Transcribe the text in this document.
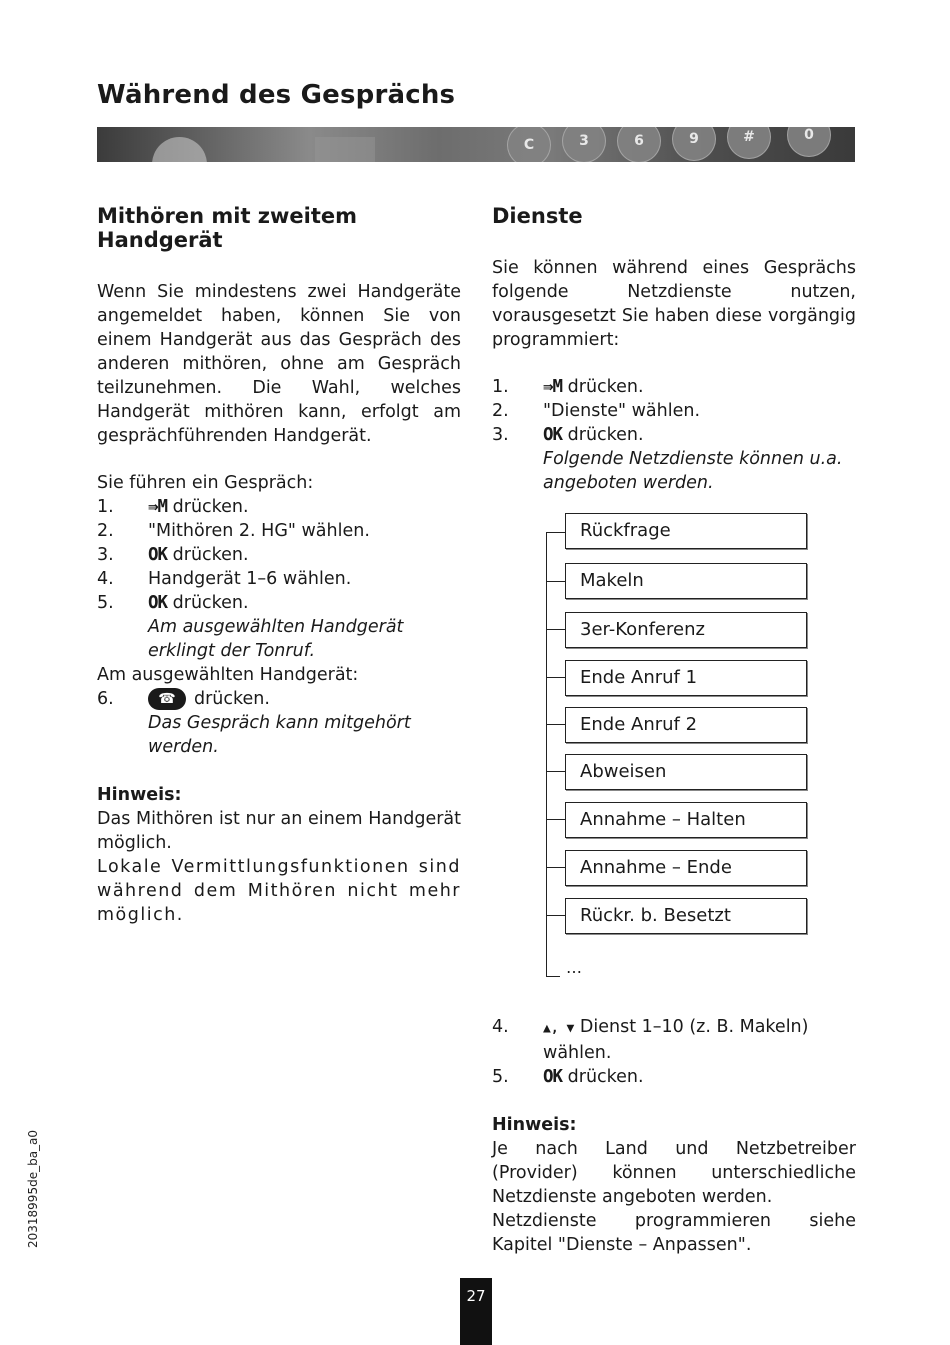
Während des Gesprächs
C	3	6	9	#	0
Mithören mit zweitem
Handgerät

Wenn Sie mindestens zwei Handgeräte angemeldet haben, können Sie von einem Handgerät aus das Gespräch des anderen mithören, ohne am Gespräch teilzunehmen. Die Wahl, welches Handgerät mithören kann, erfolgt am gesprächführenden Handgerät.

Sie führen ein Gespräch:

1. ⇛M drücken.
2. "Mithören 2. HG" wählen.
3. OK drücken.
4. Handgerät 1–6 wählen.
5. OK drücken.
Am ausgewählten Handgerät
erklingt der Tonruf.

Am ausgewählten Handgerät:

6.	☎ drücken.
Das Gespräch kann mitgehört
werden.

Hinweis:

Das Mithören ist nur an einem Handgerät möglich.

Lokale Vermittlungsfunktionen sind während dem Mithören nicht mehr möglich.

Dienste

Sie können während eines Gesprächs folgende Netzdienste nutzen, vorausgesetzt Sie haben diese vorgängig programmiert:

1. ⇛M drücken.
2. "Dienste" wählen.
3. OK drücken.
Folgende Netzdienste können u.a.
angeboten werden.
Rückfrage
Makeln
3er-Konferenz
Ende Anruf 1
Ende Anruf 2
Abweisen
Annahme – Halten
Annahme – Ende
Rückr. b. Besetzt
…
4.	▲, ▼ Dienst 1–10 (z. B. Makeln)
wählen.
5. OK drücken.

Hinweis:

Je nach Land und Netzbetreiber (Provider) können unterschiedliche Netzdienste angeboten werden.

Netzdienste programmieren siehe Kapitel "Dienste – Anpassen".

20318995de_ba_a0
27
